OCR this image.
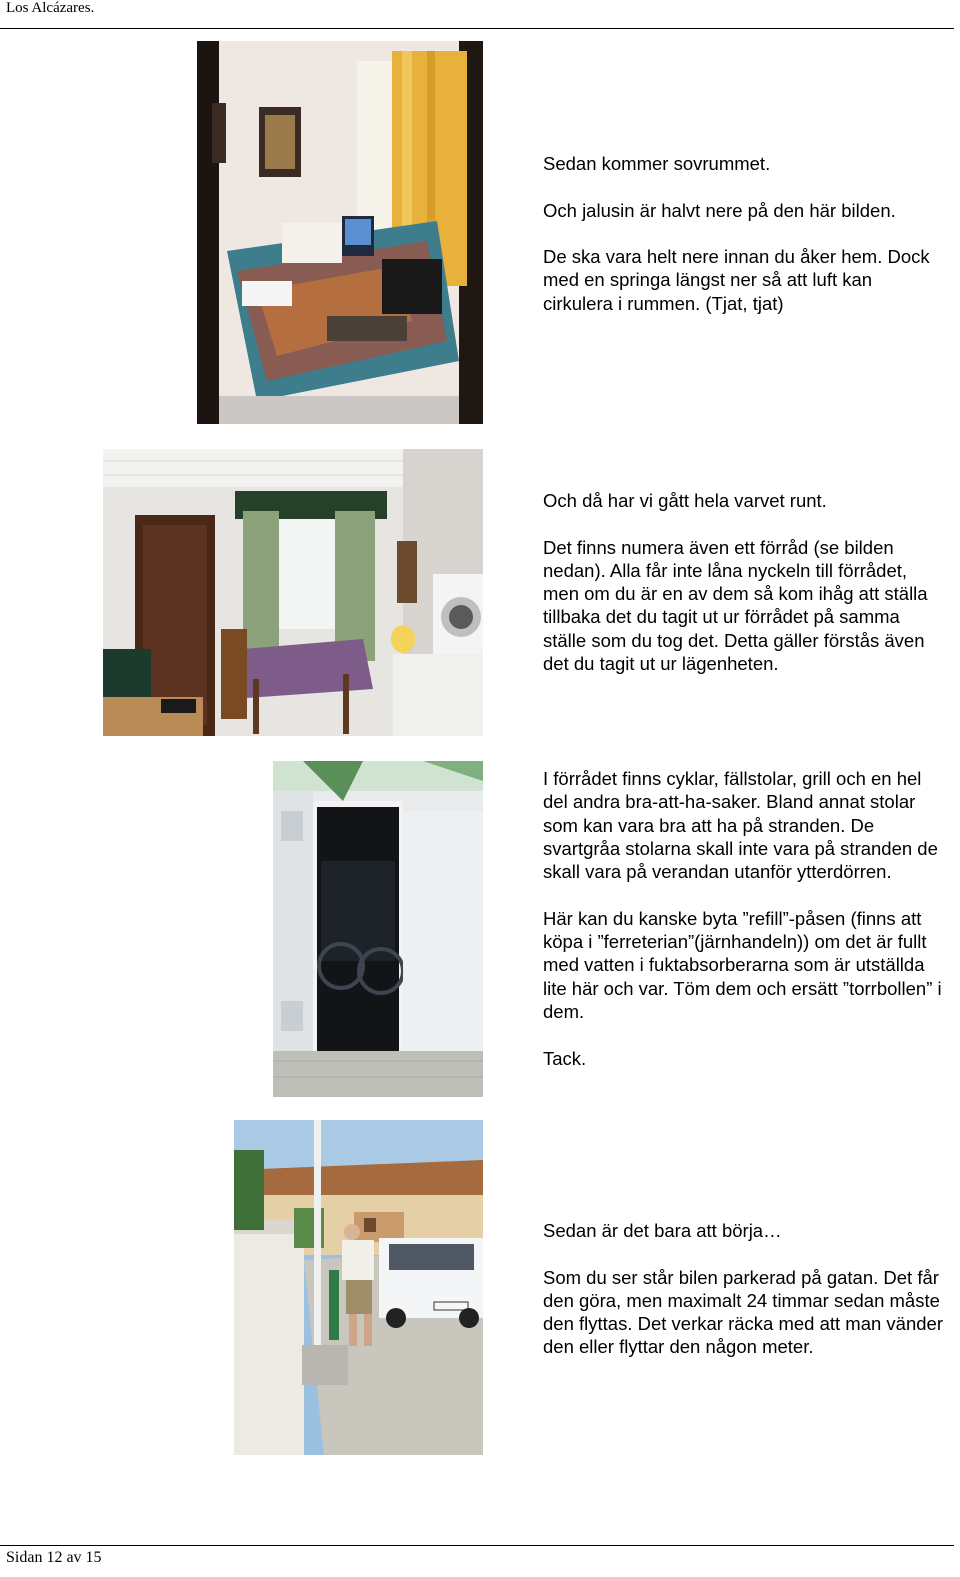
Los Alcázares.

Sedan kommer sovrummet.

Och jalusin är halvt nere på den här bilden.

De ska vara helt nere innan du åker hem. Dock med en springa längst ner så att luft kan cirkulera i rummen. (Tjat, tjat)

Och då har vi gått hela varvet runt.

Det finns numera även ett förråd (se bilden nedan). Alla får inte låna nyckeln till förrådet, men om du är en av dem så kom ihåg att ställa tillbaka det du tagit ut ur förrådet på samma ställe som du tog det. Detta gäller förstås även det du tagit ut ur lägenheten.

I förrådet finns cyklar, fällstolar, grill och en hel del andra bra-att-ha-saker. Bland annat stolar som kan vara bra att ha på stranden. De svartgråa stolarna skall inte vara på stranden de skall vara på verandan utanför ytterdörren.

Här kan du kanske byta ”refill”-påsen (finns att köpa i ”ferreterian”(järnhandeln)) om det är fullt med vatten i fuktabsorberarna som är utställda lite här och var. Töm dem och ersätt ”torrbollen” i dem.

Tack.

Sedan är det bara att börja…

Som du ser står bilen parkerad på gatan. Det får den göra, men maximalt 24 timmar sedan måste den flyttas. Det verkar räcka med att man vänder den eller flyttar den någon meter.

Sidan 12 av 15
